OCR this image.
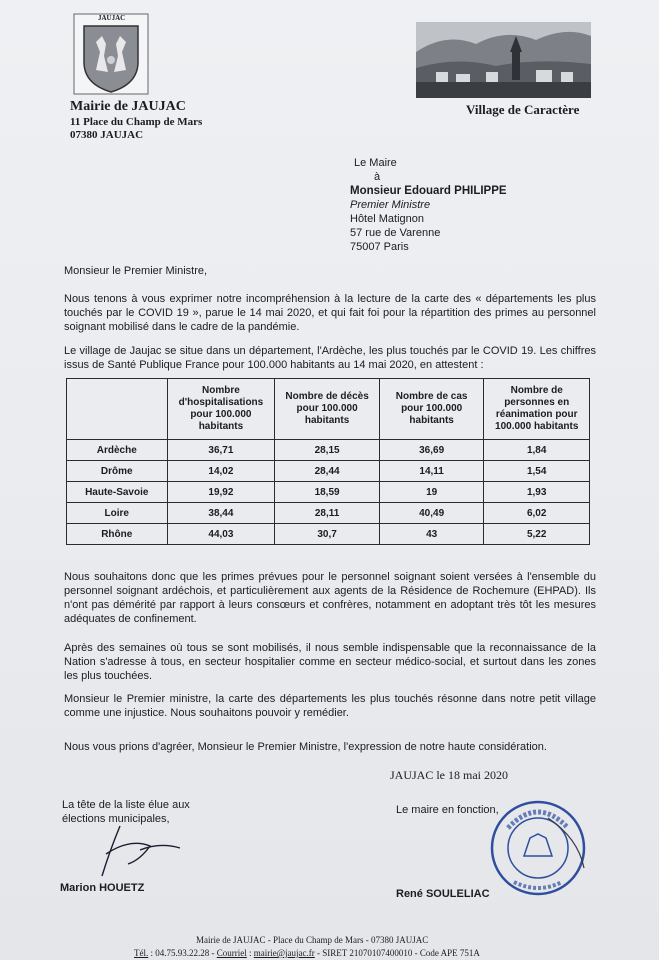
JAUJAC
Mairie de JAUJAC
11 Place du Champ de Mars
07380 JAUJAC
Village de Caractère
Le Maire
à
Monsieur Edouard PHILIPPE
Premier Ministre
Hôtel Matignon
57 rue de Varenne
75007 Paris
Monsieur le Premier Ministre,
Nous tenons à vous exprimer notre incompréhension à la lecture de la carte des « départements les plus touchés par le COVID 19 », parue le 14 mai 2020, et qui fait foi pour la répartition des primes au personnel soignant mobilisé dans le cadre de la pandémie.
Le village de Jaujac se situe dans un département, l'Ardèche, les plus touchés par le COVID 19. Les chiffres issus de Santé Publique France pour 100.000 habitants au 14 mai 2020, en attestent :
	Nombre d'hospitalisations pour 100.000 habitants	Nombre de décès pour 100.000 habitants	Nombre de cas pour 100.000 habitants	Nombre de personnes en réanimation pour 100.000 habitants
Ardèche	36,71	28,15	36,69	1,84
Drôme	14,02	28,44	14,11	1,54
Haute-Savoie	19,92	18,59	19	1,93
Loire	38,44	28,11	40,49	6,02
Rhône	44,03	30,7	43	5,22
Nous souhaitons donc que les primes prévues pour le personnel soignant soient versées à l'ensemble du personnel soignant ardéchois, et particulièrement aux agents de la Résidence de Rochemure (EHPAD). Ils n'ont pas démérité par rapport à leurs consœurs et confrères, notamment en adoptant très tôt les mesures adéquates de confinement.
Après des semaines où tous se sont mobilisés, il nous semble indispensable que la reconnaissance de la Nation s'adresse à tous, en secteur hospitalier comme en secteur médico-social, et surtout dans les zones les plus touchées.
Monsieur le Premier ministre, la carte des départements les plus touchés résonne dans notre petit village comme une injustice. Nous souhaitons pouvoir y remédier.
Nous vous prions d'agréer, Monsieur le Premier Ministre, l'expression de notre haute considération.
JAUJAC le 18 mai 2020
La tête de la liste élue aux
élections municipales,
Marion HOUETZ
Le maire en fonction,
René SOULELIAC
Mairie de JAUJAC - Place du Champ de Mars - 07380 JAUJAC
Tél. : 04.75.93.22.28 - Courriel : mairie@jaujac.fr - SIRET 21070107400010 - Code APE 751A
